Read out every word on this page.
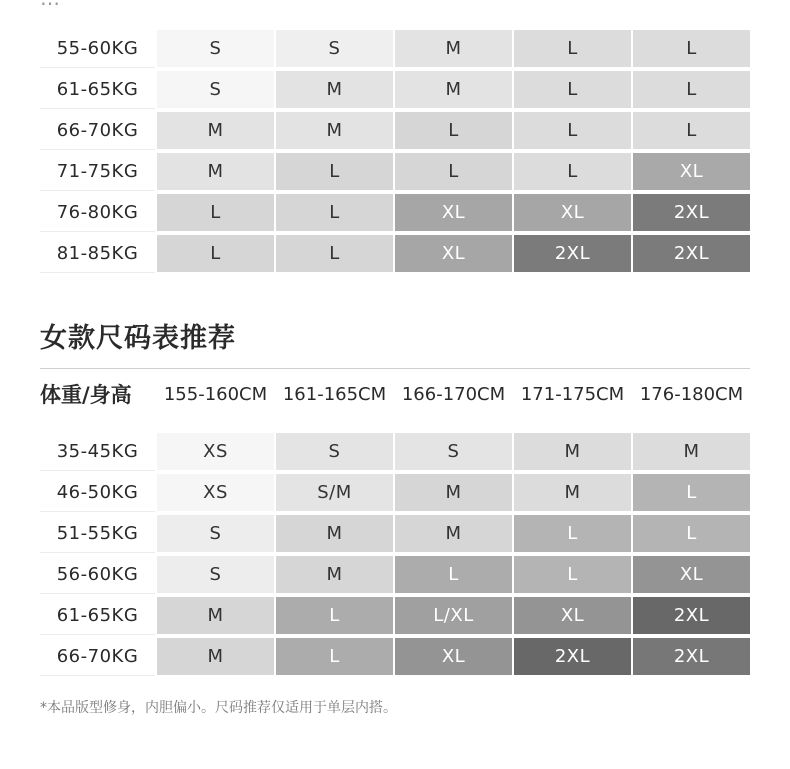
55-60KG	S	S	M	L	L
61-65KG	S	M	M	L	L
66-70KG	M	M	L	L	L
71-75KG	M	L	L	L	XL
76-80KG	L	L	XL	XL	2XL
81-85KG	L	L	XL	2XL	2XL
女款尺码表推荐
体重/身高	155-160CM 161-165CM 166-170CM 171-175CM 176-180CM
35-45KG	XS	S	S	M	M
46-50KG	XS	S/M	M	M	L
51-55KG	S	M	M	L	L
56-60KG	S	M	L	L	XL
61-65KG	M	L	L/XL	XL	2XL
66-70KG	M	L	XL	2XL	2XL
*本品版型修身，内胆偏小。尺码推荐仅适用于单层内搭。
